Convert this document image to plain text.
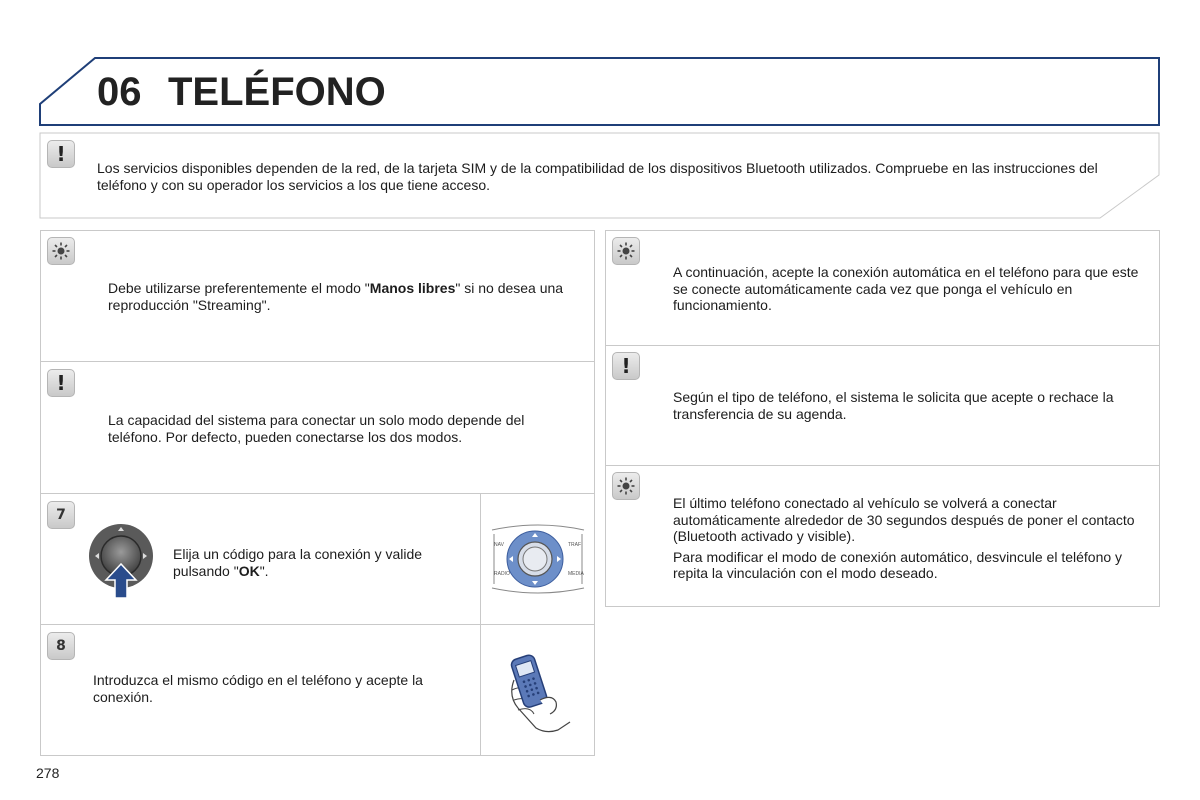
06 TELÉFONO
!
Los servicios disponibles dependen de la red, de la tarjeta SIM y de la compatibilidad de los dispositivos Bluetooth utilizados. Compruebe en las instrucciones del teléfono y con su operador los servicios a los que tiene acceso.
Debe utilizarse preferentemente el modo "Manos libres" si no desea una reproducción "Streaming".
!
La capacidad del sistema para conectar un solo modo depende del teléfono. Por defecto, pueden conectarse los dos modos.
7
Elija un código para la conexión y valide pulsando "OK".
NAV	TRAF
RADIO	MEDIA
8
Introduzca el mismo código en el teléfono y acepte la conexión.
A continuación, acepte la conexión automática en el teléfono para que este se conecte automáticamente cada vez que ponga el vehículo en funcionamiento.
!
Según el tipo de teléfono, el sistema le solicita que acepte o rechace la transferencia de su agenda.

El último teléfono conectado al vehículo se volverá a conectar automáticamente alrededor de 30 segundos después de poner el contacto (Bluetooth activado y visible).

Para modificar el modo de conexión automático, desvincule el teléfono y repita la vinculación con el modo deseado.

278
